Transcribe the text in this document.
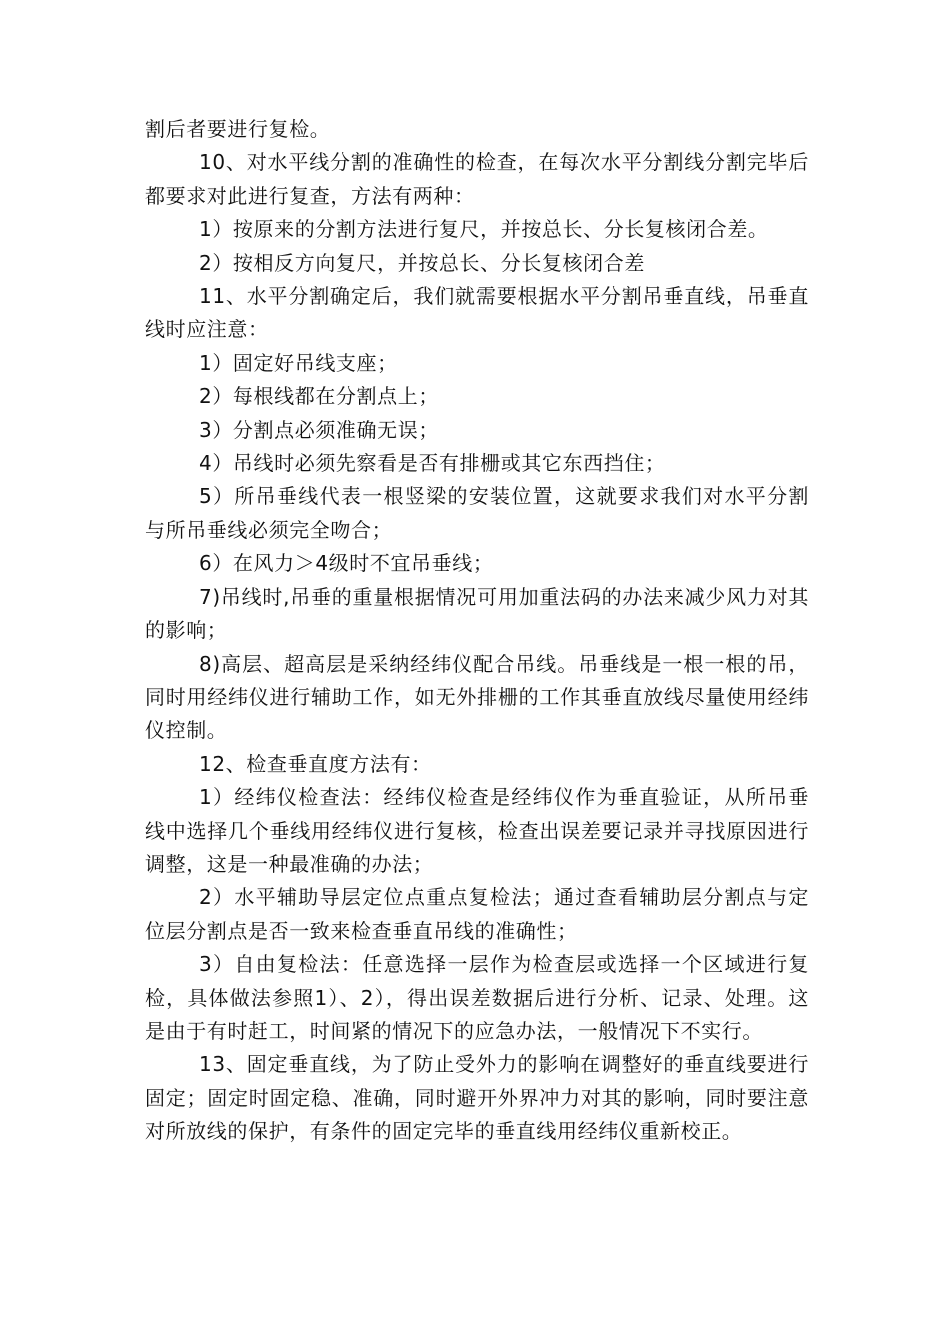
割后者要进行复检。

10、对水平线分割的准确性的检查，在每次水平分割线分割完毕后都要求对此进行复查，方法有两种：

1）按原来的分割方法进行复尺，并按总长、分长复核闭合差。

2）按相反方向复尺，并按总长、分长复核闭合差

11、水平分割确定后，我们就需要根据水平分割吊垂直线，吊垂直线时应注意：

1）固定好吊线支座；

2）每根线都在分割点上；

3）分割点必须准确无误；

4）吊线时必须先察看是否有排栅或其它东西挡住；

5）所吊垂线代表一根竖梁的安装位置，这就要求我们对水平分割与所吊垂线必须完全吻合；

6）在风力＞4级时不宜吊垂线；

7)吊线时,吊垂的重量根据情况可用加重法码的办法来减少风力对其的影响；

8)高层、超高层是采纳经纬仪配合吊线。吊垂线是一根一根的吊，同时用经纬仪进行辅助工作，如无外排栅的工作其垂直放线尽量使用经纬仪控制。

12、检查垂直度方法有：

1）经纬仪检查法：经纬仪检查是经纬仪作为垂直验证，从所吊垂线中选择几个垂线用经纬仪进行复核，检查出误差要记录并寻找原因进行调整，这是一种最准确的办法；

2）水平辅助导层定位点重点复检法；通过查看辅助层分割点与定位层分割点是否一致来检查垂直吊线的准确性；

3）自由复检法：任意选择一层作为检查层或选择一个区域进行复检，具体做法参照1）、2），得出误差数据后进行分析、记录、处理。这是由于有时赶工，时间紧的情况下的应急办法，一般情况下不实行。

13、固定垂直线，为了防止受外力的影响在调整好的垂直线要进行固定；固定时固定稳、准确，同时避开外界冲力对其的影响，同时要注意对所放线的保护，有条件的固定完毕的垂直线用经纬仪重新校正。
